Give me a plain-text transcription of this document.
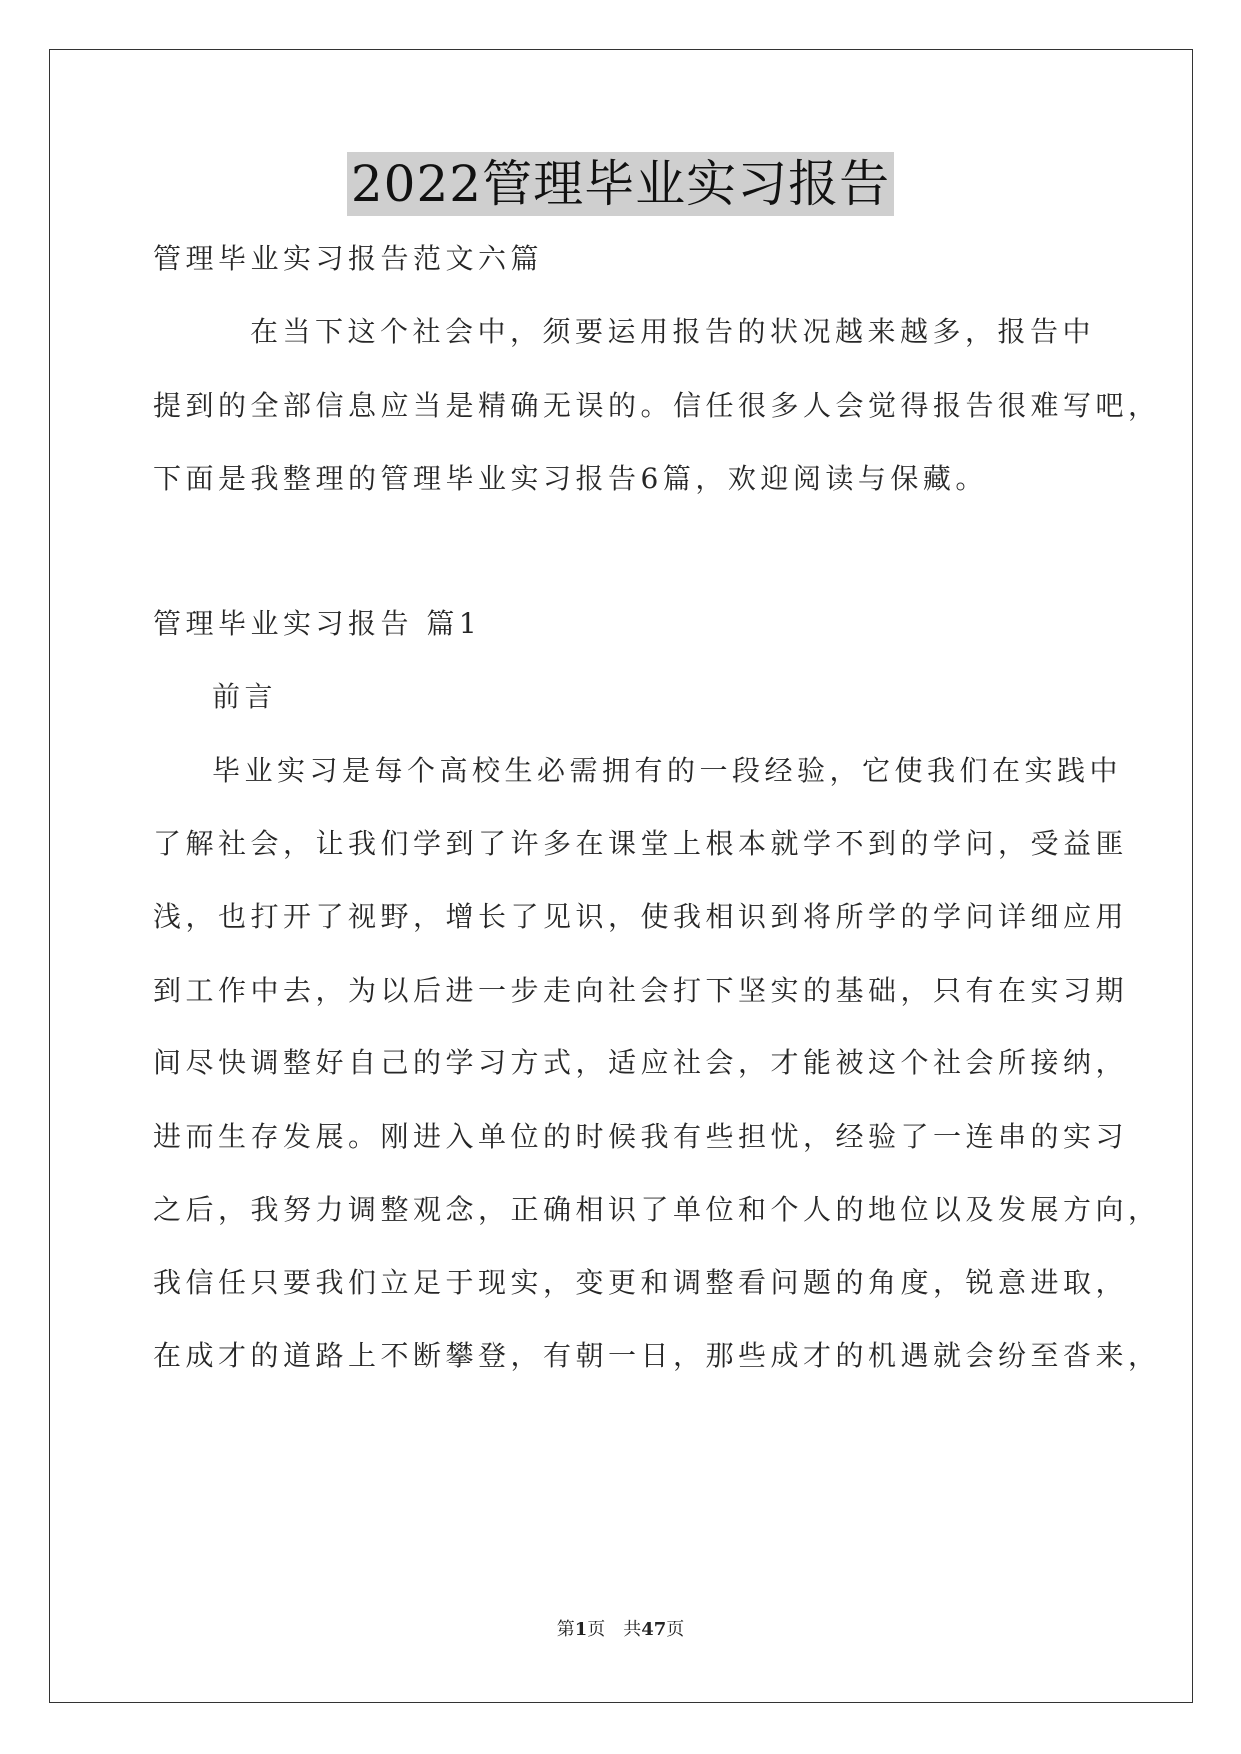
2022管理毕业实习报告
管理毕业实习报告范文六篇
在当下这个社会中，须要运用报告的状况越来越多，报告中
提到的全部信息应当是精确无误的。信任很多人会觉得报告很难写吧，
下面是我整理的管理毕业实习报告6篇，欢迎阅读与保藏。
管理毕业实习报告 篇1
前言
毕业实习是每个高校生必需拥有的一段经验，它使我们在实践中
了解社会，让我们学到了许多在课堂上根本就学不到的学问，受益匪
浅，也打开了视野，增长了见识，使我相识到将所学的学问详细应用
到工作中去，为以后进一步走向社会打下坚实的基础，只有在实习期
间尽快调整好自己的学习方式，适应社会，才能被这个社会所接纳，
进而生存发展。刚进入单位的时候我有些担忧，经验了一连串的实习
之后，我努力调整观念，正确相识了单位和个人的地位以及发展方向，
我信任只要我们立足于现实，变更和调整看问题的角度，锐意进取，
在成才的道路上不断攀登，有朝一日，那些成才的机遇就会纷至沓来，
第1页　共47页
